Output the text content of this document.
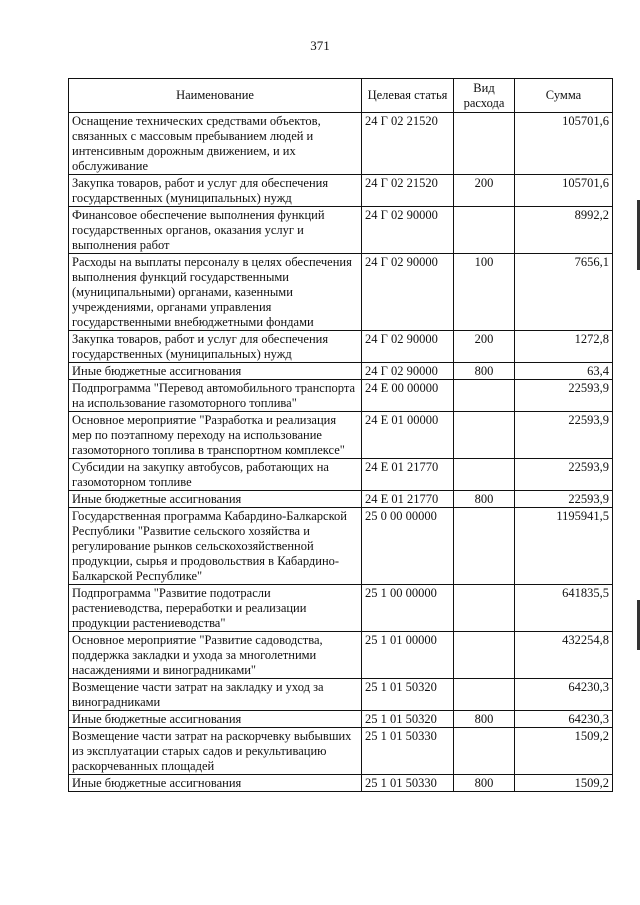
371
Наименование	Целевая статья	Вид расхода	Сумма
Оснащение технических средствами объектов, связанных с массовым пребыванием людей и интенсивным дорожным движением, и их обслуживание	24 Г 02 21520		105701,6
Закупка товаров, работ и услуг для обеспечения государственных (муниципальных) нужд	24 Г 02 21520	200	105701,6
Финансовое обеспечение выполнения функций государственных органов, оказания услуг и выполнения работ	24 Г 02 90000		8992,2
Расходы на выплаты персоналу в целях обеспечения выполнения функций государственными (муниципальными) органами, казенными учреждениями, органами управления государственными внебюджетными фондами	24 Г 02 90000	100	7656,1
Закупка товаров, работ и услуг для обеспечения государственных (муниципальных) нужд	24 Г 02 90000	200	1272,8
Иные бюджетные ассигнования	24 Г 02 90000	800	63,4
Подпрограмма "Перевод автомобильного транспорта на использование газомоторного топлива"	24 Е 00 00000		22593,9
Основное мероприятие "Разработка и реализация мер по поэтапному переходу на использование газомоторного топлива в транспортном комплексе"	24 Е 01 00000		22593,9
Субсидии на закупку автобусов, работающих на газомоторном топливе	24 Е 01 21770		22593,9
Иные бюджетные ассигнования	24 Е 01 21770	800	22593,9
Государственная программа Кабардино-Балкарской Республики "Развитие сельского хозяйства и регулирование рынков сельскохозяйственной продукции, сырья и продовольствия в Кабардино-Балкарской Республике"	25 0 00 00000		1195941,5
Подпрограмма "Развитие подотрасли растениеводства, переработки и реализации продукции растениеводства"	25 1 00 00000		641835,5
Основное мероприятие "Развитие садоводства, поддержка закладки и ухода за многолетними насаждениями и виноградниками"	25 1 01 00000		432254,8
Возмещение части затрат на закладку и уход за виноградниками	25 1 01 50320		64230,3
Иные бюджетные ассигнования	25 1 01 50320	800	64230,3
Возмещение части затрат на раскорчевку выбывших из эксплуатации старых садов и рекультивацию раскорчеванных площадей	25 1 01 50330		1509,2
Иные бюджетные ассигнования	25 1 01 50330	800	1509,2
